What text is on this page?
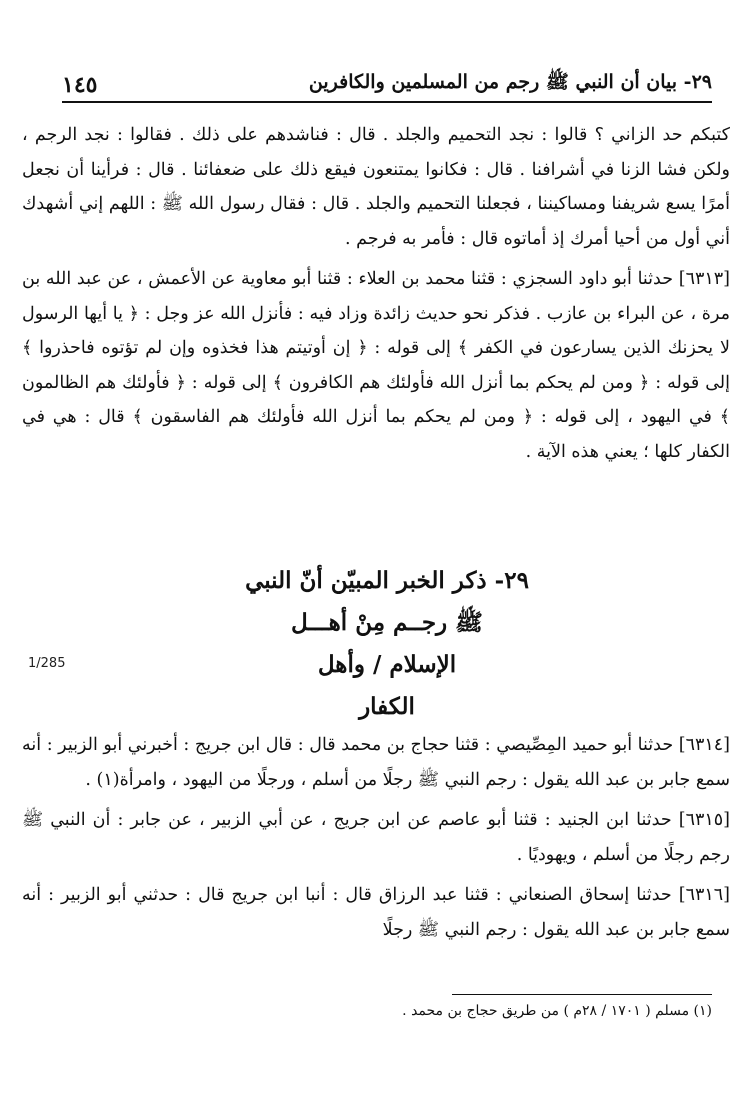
٢٩- بيان أن النبي ﷺ رجم من المسلمين والكافرين
١٤٥

كتبكم حد الزاني ؟ قالوا : نجد التحميم والجلد . قال : فناشدهم على ذلك . فقالوا : نجد الرجم ، ولكن فشا الزنا في أشرافنا . قال : فكانوا يمتنعون فيقع ذلك على ضعفائنا . قال : فرأينا أن نجعل أمرًا يسع شريفنا ومساكيننا ، فجعلنا التحميم والجلد . قال : فقال رسول الله ﷺ : اللهم إني أشهدك أني أول من أحيا أمرك إذ أماتوه قال : فأمر به فرجم .

[٦٣١٣] حدثنا أبو داود السجزي : قثنا محمد بن العلاء : قثنا أبو معاوية عن الأعمش ، عن عبد الله بن مرة ، عن البراء بن عازب . فذكر نحو حديث زائدة وزاد فيه : فأنزل الله عز وجل : ﴿ يا أيها الرسول لا يحزنك الذين يسارعون في الكفر ﴾ إلى قوله : ﴿ إن أوتيتم هذا فخذوه وإن لم تؤتوه فاحذروا ﴾ إلى قوله : ﴿ ومن لم يحكم بما أنزل الله فأولئك هم الكافرون ﴾ إلى قوله : ﴿ فأولئك هم الظالمون ﴾ في اليهود ، إلى قوله : ﴿ ومن لم يحكم بما أنزل الله فأولئك هم الفاسقون ﴾ قال : هي في الكفار كلها ؛ يعني هذه الآية .

٢٩- ذكر الخبر المبيّن أنّ النبي
ﷺ رجــم مِنْ أهـــل
الإسلام / وأهل
الكفار
1/285

[٦٣١٤] حدثنا أبو حميد المِصِّيصي : قثنا حجاج بن محمد قال : قال ابن جريج : أخبرني أبو الزبير : أنه سمع جابر بن عبد الله يقول : رجم النبي ﷺ رجلًا من أسلم ، ورجلًا من اليهود ، وامرأة(١) .

[٦٣١٥] حدثنا ابن الجنيد : قثنا أبو عاصم عن ابن جريج ، عن أبي الزبير ، عن جابر : أن النبي ﷺ رجم رجلًا من أسلم ، ويهوديًا .

[٦٣١٦] حدثنا إسحاق الصنعاني : قثنا عبد الرزاق قال : أنبا ابن جريج قال : حدثني أبو الزبير : أنه سمع جابر بن عبد الله يقول : رجم النبي ﷺ رجلًا

(١) مسلم ( ١٧٠١ / ٢٨م ) من طريق حجاج بن محمد .
